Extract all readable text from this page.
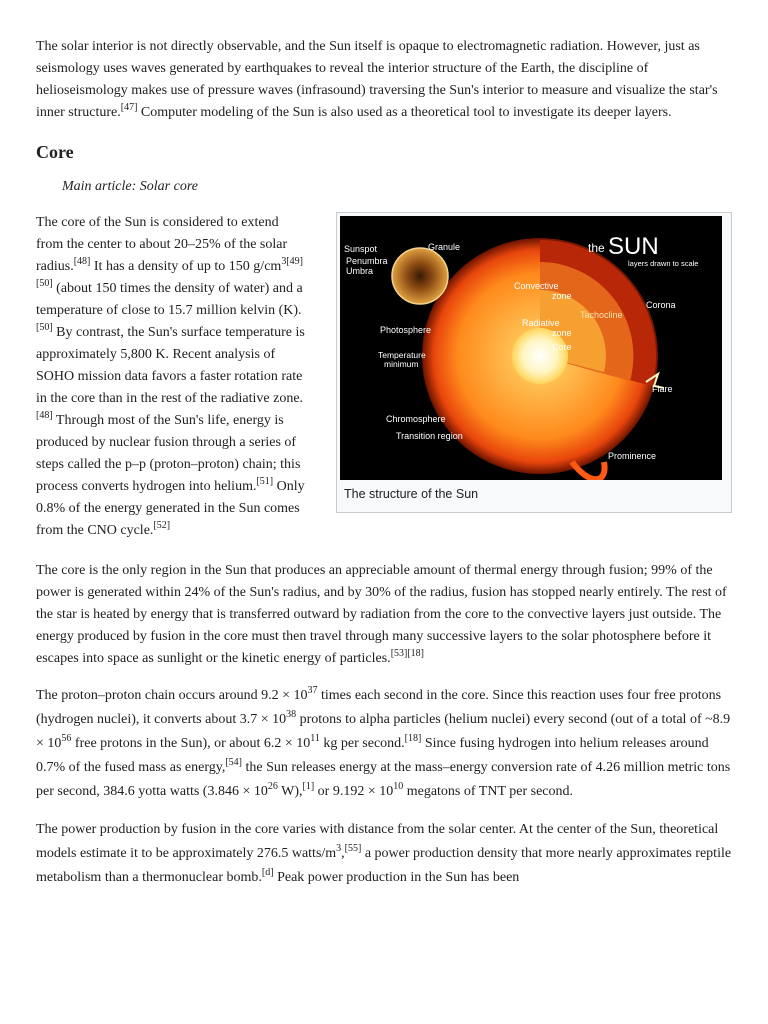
The solar interior is not directly observable, and the Sun itself is opaque to electromagnetic radiation. However, just as seismology uses waves generated by earthquakes to reveal the interior structure of the Earth, the discipline of helioseismology makes use of pressure waves (infrasound) traversing the Sun's interior to measure and visualize the star's inner structure.[47] Computer modeling of the Sun is also used as a theoretical tool to investigate its deeper layers.

Core
Main article: Solar core

The core of the Sun is considered to extend from the center to about 20–25% of the solar radius.[48] It has a density of up to 150 $g/cm^{3[49][50]}$ (about 150 times the density of water) and a temperature of close to 15.7 million kelvin (K).[50] By contrast, the Sun's surface temperature is approximately 5,800 K. Recent analysis of SOHO mission data favors a faster rotation rate in the core than in the rest of the radiative zone.[48] Through most of the Sun's life, energy is produced by nuclear fusion through a series of steps called the p–p (proton–proton) chain; this process converts hydrogen into helium.[51] Only 0.8% of the energy generated in the Sun comes from the CNO cycle.[52]

the SUN
layers drawn to scale
Sunspot
Penumbra
Umbra
Granule
Convective
zone
Tachocline
Corona
Photosphere
Radiative
zone
Core
Temperature
minimum
Flare
Chromosphere
Transition region
Prominence
The structure of the Sun

The core is the only region in the Sun that produces an appreciable amount of thermal energy through fusion; 99% of the power is generated within 24% of the Sun's radius, and by 30% of the radius, fusion has stopped nearly entirely. The rest of the star is heated by energy that is transferred outward by radiation from the core to the convective layers just outside. The energy produced by fusion in the core must then travel through many successive layers to the solar photosphere before it escapes into space as sunlight or the kinetic energy of particles.[53][18]

The proton–proton chain occurs around $9.2 \times 10^{37}$ times each second in the core. Since this reaction uses four free protons (hydrogen nuclei), it converts about $3.7 \times 10^{38}$ protons to alpha particles (helium nuclei) every second (out of a total of ~8.9 × $10^{56}$ free protons in the Sun), or about $6.2 \times 10^{11}$ kg per second.[18] Since fusing hydrogen into helium releases around 0.7% of the fused mass as energy,[54] the Sun releases energy at the mass–energy conversion rate of 4.26 million metric tons per second, 384.6 yotta watts ($3.846 \times 10^{26}$ W),[1] or $9.192 \times 10^{10}$ megatons of TNT per second.

The power production by fusion in the core varies with distance from the solar center. At the center of the Sun, theoretical models estimate it to be approximately 276.5 watts/$m^3,[55]$ a power production density that more nearly approximates reptile metabolism than a thermonuclear bomb.[d] Peak power production in the Sun has been
